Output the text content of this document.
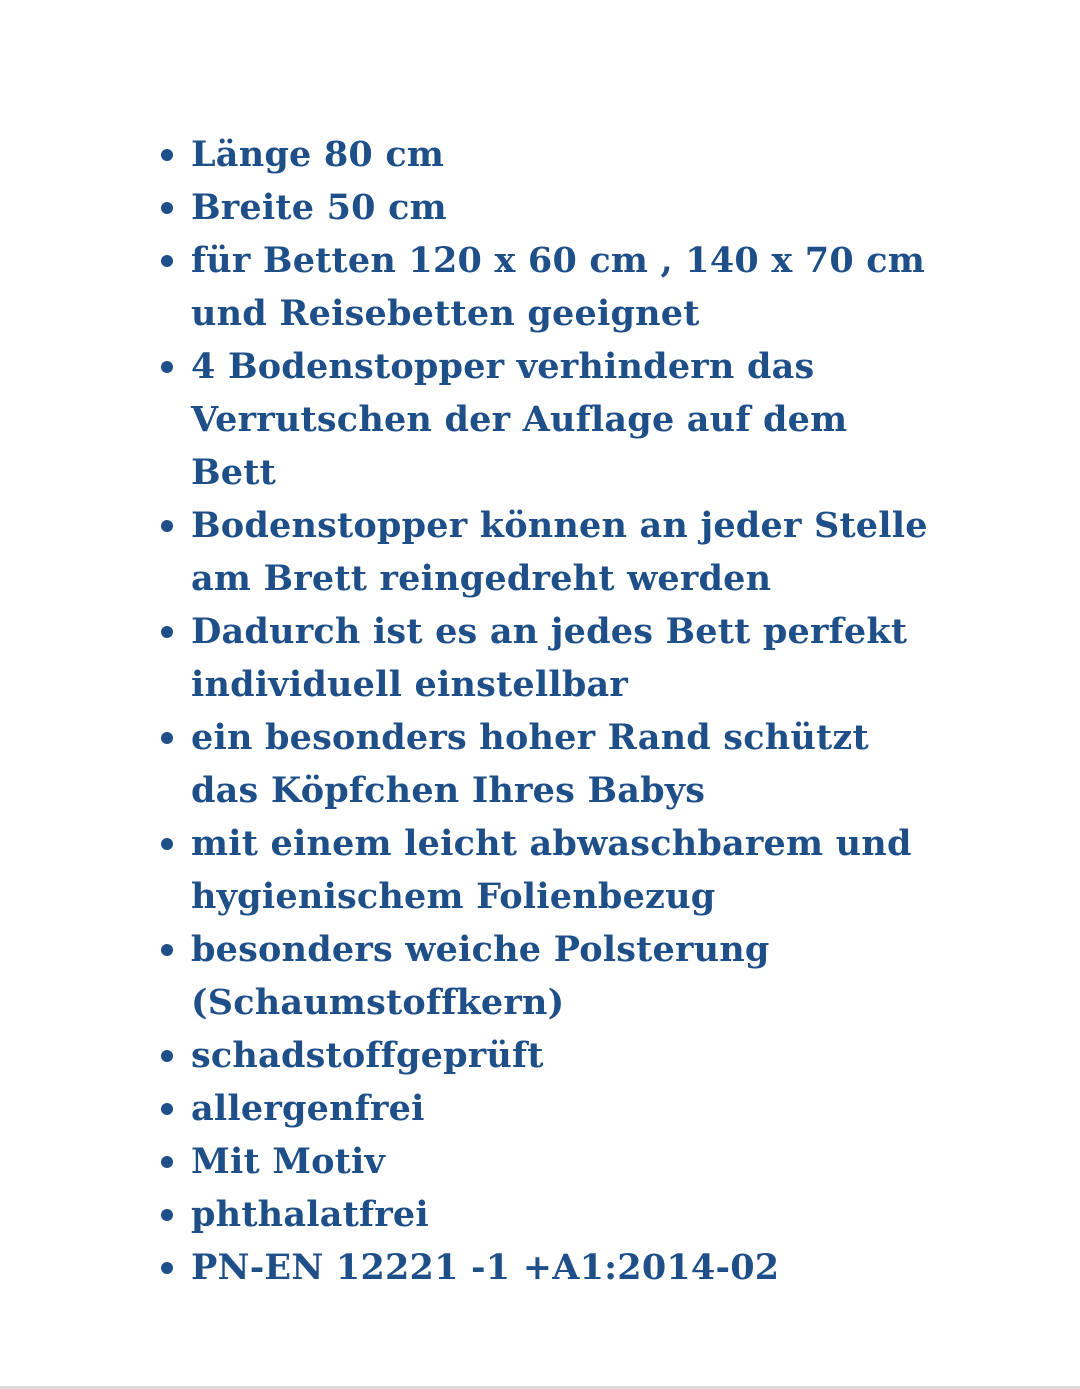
Länge 80 cm
Breite 50 cm
für Betten 120 x 60 cm , 140 x 70 cm
und Reisebetten geeignet
4 Bodenstopper verhindern das
Verrutschen der Auflage auf dem
Bett
Bodenstopper können an jeder Stelle
am Brett reingedreht werden
Dadurch ist es an jedes Bett perfekt
individuell einstellbar
ein besonders hoher Rand schützt
das Köpfchen Ihres Babys
mit einem leicht abwaschbarem und
hygienischem Folienbezug
besonders weiche Polsterung
(Schaumstoffkern)
schadstoffgeprüft
allergenfrei
Mit Motiv
phthalatfrei
PN-EN 12221 -1 +A1:2014-02
